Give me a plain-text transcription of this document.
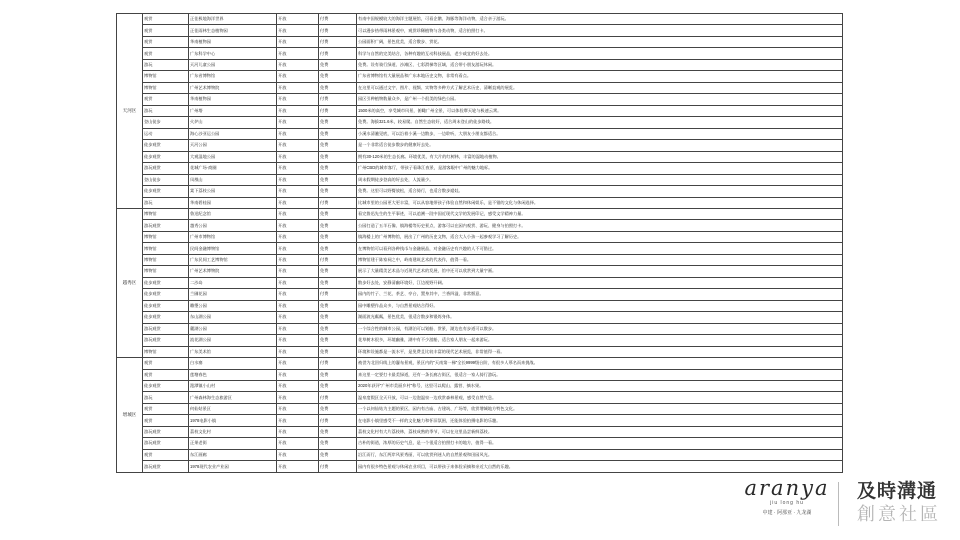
天河区	观赏	正佳极地海洋世界	开放	付费	有南中国规模较大的海洋主题展馆，可看企鹅、海豚等海洋动物，适合亲子游玩。
	观赏	正佳雨林生态植物园	开放	付费	可以漫步热带雨林景观中，观赏珍稀植物与各类动物，适合拍照打卡。
	观赏	华南植物园	开放	付费	公园面积广阔，景色优美，适合散步、赏花。
	观赏	广东科学中心	开放	付费	科学与自然的完美结合，各种有趣的互动科技展品，老少咸宜的好去处。
	游玩	天河儿童公园	开放	免费	免费。设有骑行绿道、沙滩区、七彩滑梯等区域，适合带小朋友游玩休闲。
	博物馆	广东省博物馆	开放	免费	广东省博物馆有大量展品和广东本地历史文物，非常有看点。
	博物馆	广州艺术博物院	开放	免费	在这里可以通过文字、图片、视频、实物等多种方式了解艺术历史、清晰直观的展览。
	观赏	华南植物园	开放	付费	园区引种植物数量众多，是广州一个很美的绿色公园。
	游玩	广州塔	开放	付费	1500米的高空，享受城市风景，俯瞰广州全景，可以体验摩天轮与极速云霄。
	登山徒步	火炉山	开放	免费	免费。海拔321.6米，较易爬。自然生态较好，适合周末登山的徒步路线。
	运动	海心沙亚运公园	开放	免费	小溪水清澈见底，可以沿着小溪一边散步，一边聆听，大朋友小朋友都适合。
	徒步观赏	天河公园	开放	免费	是一个非常适合徒步散步的健康好去处。
	徒步观赏	大观湿地公园	开放	免费	拥有30-120米的生态长廊。环境优美，有大片的红树林，丰富的湿地动植物。
	游玩观赏	花城广场·商圈	开放	免费	广州CBD的城市客厅，带孩子看珠江夜景，是游客眼中广州的魅力地标。
	登山徒步	凤凰山	开放	免费	周末假期徒步登高的好去处，人流量少。
	徒步观赏	棠下荔枝公园	开放	免费	免费。这里可以野餐放松，适合骑行，也适合散步遛娃。
	游玩	华南碧桂园	开放	付费	比城市里的公园更大更丰富，可以从容地带孩子体验自然和休闲娱乐，是不错的文化与休闲选择。
越秀区	博物馆	鲁迅纪念馆	开放	免费	看完鲁迅先生的生平事迹，可以追溯一段中国近现代文学的发展印记，感受文学精神力量。
	游玩观赏	越秀公园	开放	免费	公园打造了五羊石像、镇海楼等历史景点，游客可以在园内观赏、游玩、健身与拍照打卡。
	博物馆	广州市博物馆	开放	免费	镇海楼上的广州博物馆，展出了广州的历史文物，适合大人小孩一起参观学习了解历史。
	博物馆	民间金融博物馆	开放	免费	在博物馆可以看到各种钱币与金融展品，对金融历史有兴趣的人不可错过。
	博物馆	广东民间工艺博物馆	开放	付费	博物馆建于陈家祠之中，岭南建筑艺术的代表作，值得一看。
	博物馆	广州艺术博物院	开放	免费	展示了大量精美艺术品与近现代艺术的发展，馆中还可以欣赏到大量字画。
	徒步观赏	二沙岛	开放	免费	散步好去处，安静清幽环境好，江边视野开阔。
	徒步观赏	兰圃花园	开放	付费	园内的竹子、兰花、茶艺、亭台，置身其中，兰香四溢，非常惬意。
	徒步观赏	雕塑公园	开放	免费	园中雕塑作品众多，与自然景观结合得好。
	徒步观赏	东山湖公园	开放	免费	湖面波光粼粼，景色优美，很适合散步和锻炼身体。
	游玩观赏	麓湖公园	开放	免费	一个综合性的城市公园，有湖泊可以划船、赏景，湖边也有步道可以散步。
	游玩观赏	流花湖公园	开放	免费	花草树木很多，环境幽雅，湖中有不少游船，适合家人朋友一起来游玩。
	博物馆	广东美术馆	开放	免费	环境和设施都是一流水平，是免费且比较丰富的现代艺术展览，非常值得一看。
增城区	观赏	白水寨	开放	付费	被誉为北回归线上的瀑布景观，景区内的"天南第一梯"全长9999级台阶，有很多人慕名而来挑战。
	观赏	莲塘春色	开放	免费	来这里一定要打卡最美绿道，还有一条长廊古街区，很适合一家人骑行游玩。
	徒步观赏	派潭镇小山村	开放	免费	2020年获评"广州市美丽乡村"称号，这里可以爬山、露营、摘水果。
	游玩	广州森林海生态旅游区	开放	付费	温泉度假区全天开放，可以一边泡温泉一边欣赏森林景观，感受自然气息。
	观赏	何仙姑景区	开放	免费	一个以何仙姑为主题的景区，园内有古庙、古建筑、广场等，欣赏增城地方特色文化。
	观赏	1978电影小镇	开放	付费	在电影小镇里感受不一样的文化魅力和怀旧氛围，还能体验拍摄电影的乐趣。
	游玩观赏	荔枝文化村	开放	免费	荔枝文化村有大片荔枝林，荔枝成熟的季节，可以在这里品尝新鲜荔枝。
	游玩观赏	正果老街	开放	免费	古朴的街道，浓厚的历史气息，是一个很适合拍照打卡的地方，值得一看。
	观赏	东江画廊	开放	免费	沿江而行，东江两岸风景秀丽，可以欣赏到迷人的自然景观和田园风光。
	游玩观赏	1978现代农业产业园	开放	付费	园内有很多特色景观与休闲农业项目，可以带孩子来体验采摘和亲近大自然的乐趣。
aranya
jiu long hu
中建 · 阿那亚 · 九龙湖
及時溝通
創意社區
